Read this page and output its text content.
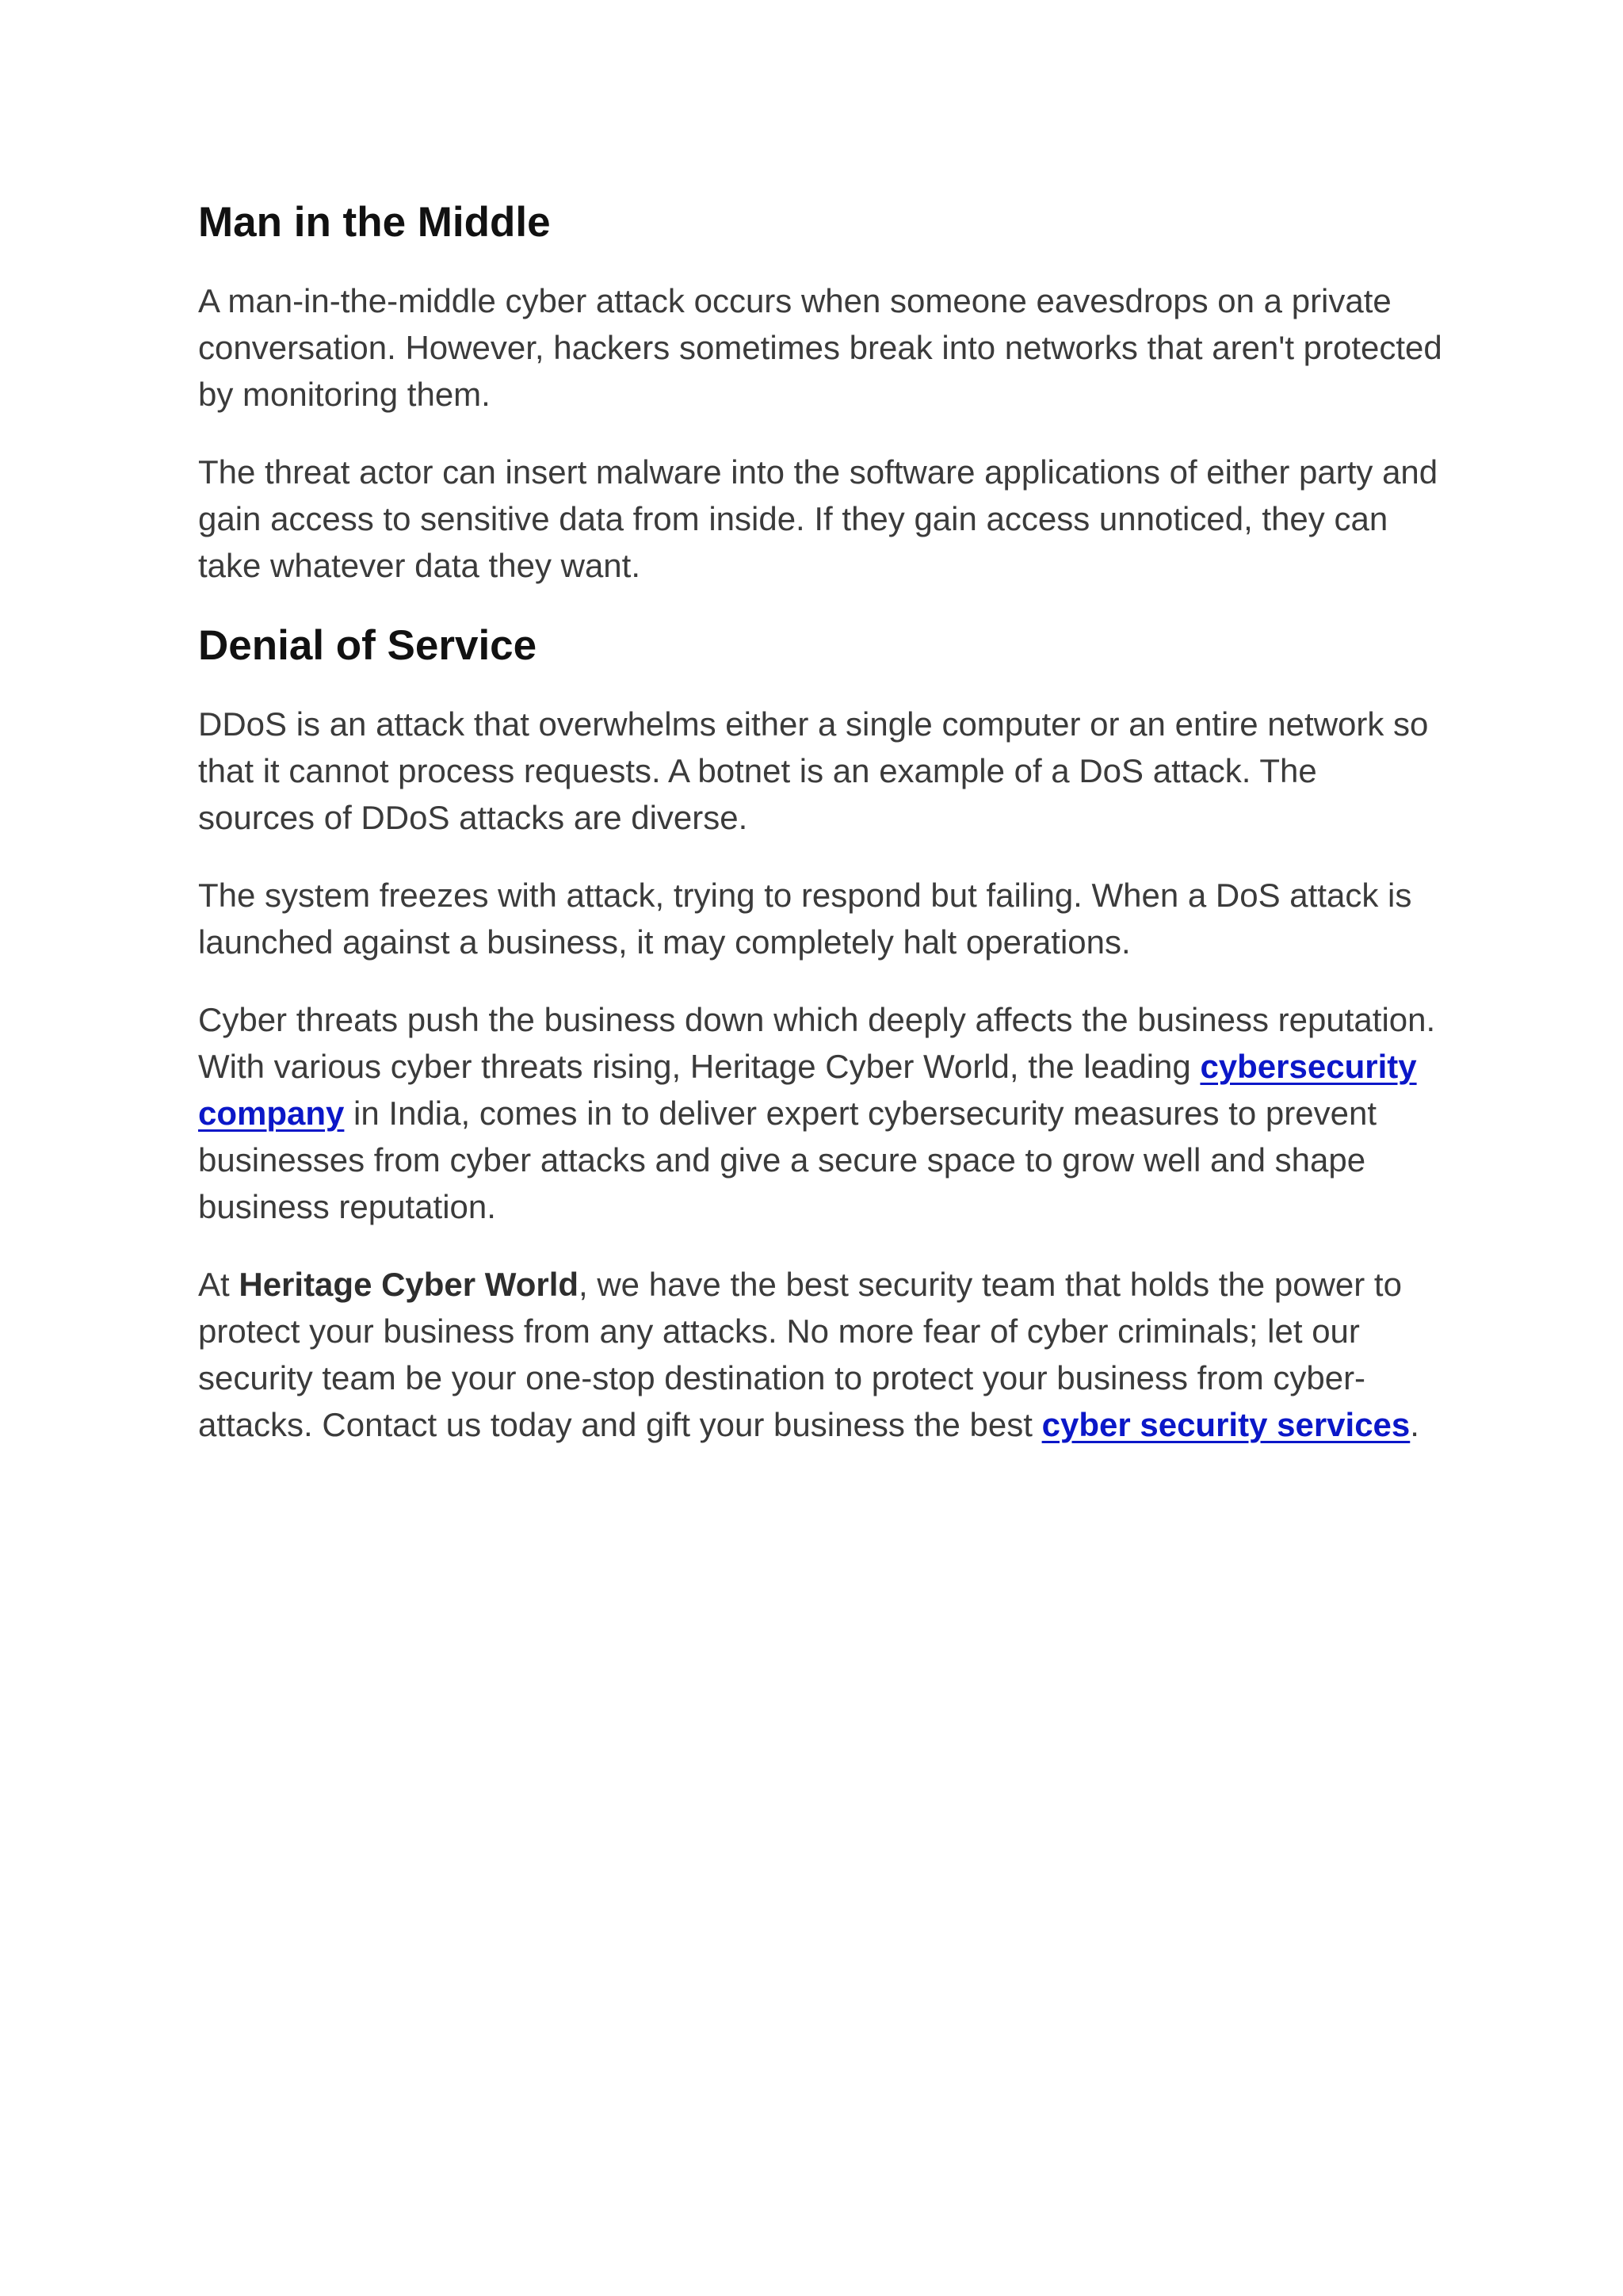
Man in the Middle

A man-in-the-middle cyber attack occurs when someone eavesdrops on a private conversation. However, hackers sometimes break into networks that aren't protected by monitoring them.

The threat actor can insert malware into the software applications of either party and gain access to sensitive data from inside. If they gain access unnoticed, they can take whatever data they want.

Denial of Service

DDoS is an attack that overwhelms either a single computer or an entire network so that it cannot process requests. A botnet is an example of a DoS attack. The sources of DDoS attacks are diverse.

The system freezes with attack, trying to respond but failing. When a DoS attack is launched against a business, it may completely halt operations.

Cyber threats push the business down which deeply affects the business reputation. With various cyber threats rising, Heritage Cyber World, the leading cybersecurity company in India, comes in to deliver expert cybersecurity measures to prevent businesses from cyber attacks and give a secure space to grow well and shape business reputation.

At Heritage Cyber World, we have the best security team that holds the power to protect your business from any attacks. No more fear of cyber criminals; let our security team be your one-stop destination to protect your business from cyber-attacks. Contact us today and gift your business the best cyber security services.
